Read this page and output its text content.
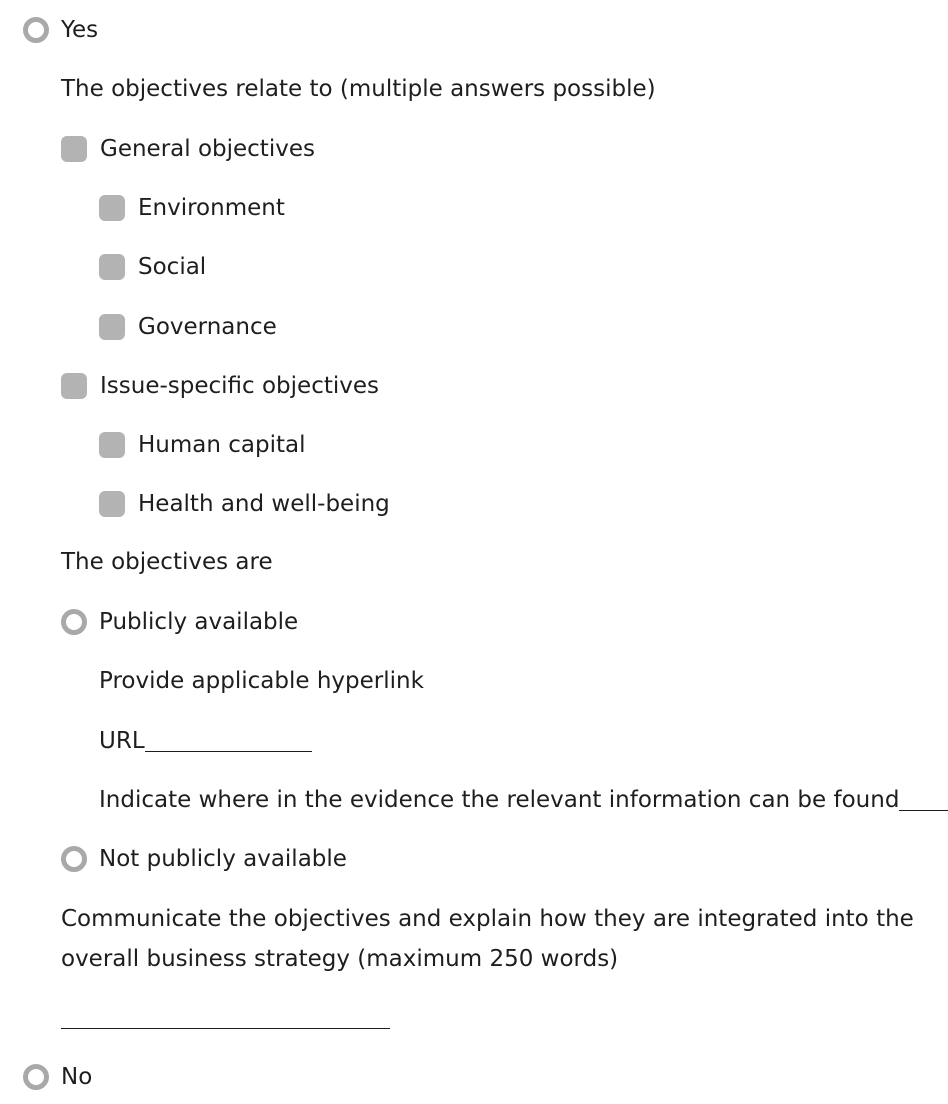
Yes
The objectives relate to (multiple answers possible)
General objectives
Environment
Social
Governance
Issue-specific objectives
Human capital
Health and well-being
The objectives are
Publicly available
Provide applicable hyperlink
URL
Indicate where in the evidence the relevant information can be found
Not publicly available
Communicate the objectives and explain how they are integrated into the overall business strategy (maximum 250 words)
No
